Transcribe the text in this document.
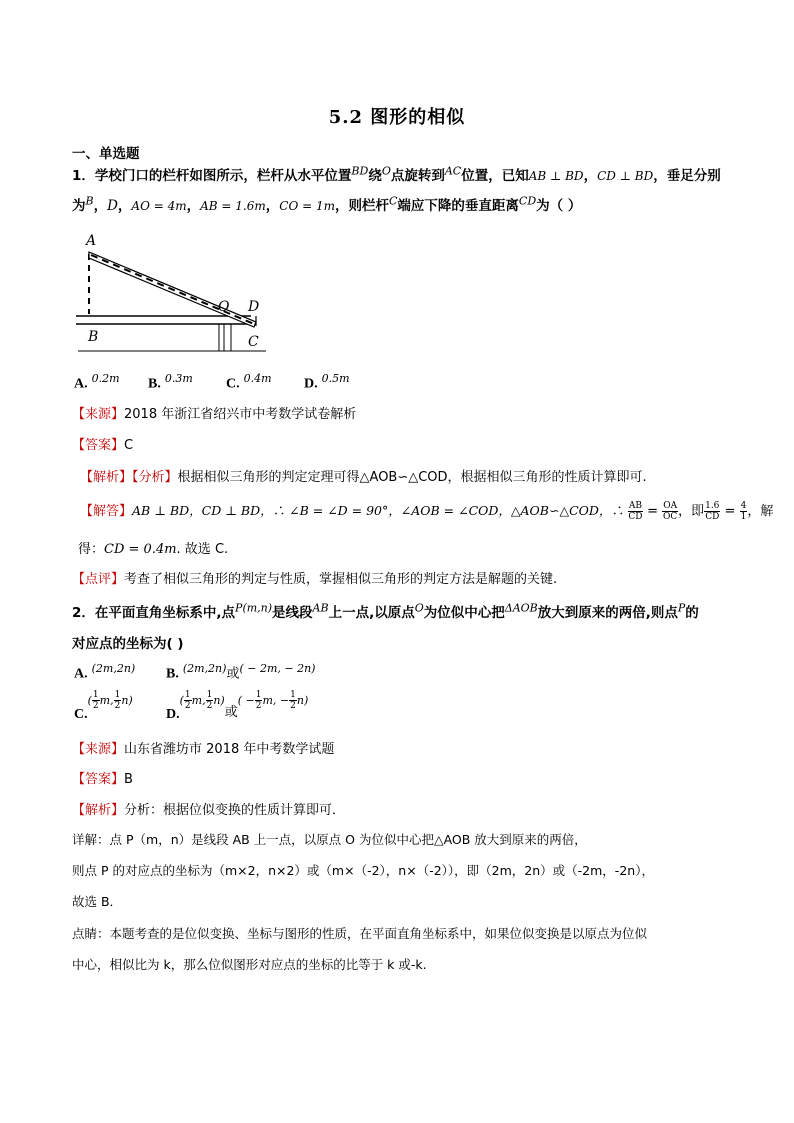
5.2 图形的相似
一、单选题
1．学校门口的栏杆如图所示，栏杆从水平位置$^{BD}$绕$^O$点旋转到$^{AC}$位置，已知AB ⊥ BD，CD ⊥ BD，垂足分别
为$^B$，D，AO = 4m，AB = 1.6m，CO = 1m，则栏杆$^C$端应下降的垂直距离$^{CD}$为（ ）
A
B
O D
C
A. $^{0.2m}$ B. $^{0.3m}$ C. $^{0.4m}$ D. $^{0.5m}$
【来源】2018 年浙江省绍兴市中考数学试卷解析
【答案】C
【解析】【分析】根据相似三角形的判定定理可得△AOB∽△COD，根据相似三角形的性质计算即可.
【解答】AB ⊥ BD，CD ⊥ BD，∴ ∠B = ∠D = 90°，∠AOB = ∠COD，△AOB∽△COD，∴ $\frac{AB}{CD} = \frac{OA}{OC}$ ，即 $\frac{1.6}{CD} = \frac{4}{1}$ ，解
得：CD = 0.4m. 故选 C.
【点评】考查了相似三角形的判定与性质，掌握相似三角形的判定方法是解题的关键.
2．在平面直角坐标系中,点$^{P(m,n)}$是线段$^{AB}$上一点,以原点$^O$为位似中心把$^{\Delta AOB}$放大到原来的两倍,则点$^P$的
对应点的坐标为( )
A. $^{(2m,2n)}$ B. $^{(2m,2n)}$或$^{( - 2m, - 2n)}$
$C.( \frac{1}{2} m$, $\frac{1}{2} n$)
$D.( \frac{1}{2} m$, $\frac{1}{2} n$)或( − $\frac{1}{2} m$, − $\frac{1}{2} n$)
【来源】山东省潍坊市 2018 年中考数学试题
【答案】B
【解析】分析：根据位似变换的性质计算即可．
详解：点 P（m，n）是线段 AB 上一点，以原点 O 为位似中心把△AOB 放大到原来的两倍，
则点 P 的对应点的坐标为（m×2，n×2）或（m×（-2），n×（-2）），即（2m，2n）或（-2m，-2n），
故选 B．
点睛：本题考查的是位似变换、坐标与图形的性质，在平面直角坐标系中，如果位似变换是以原点为位似
中心，相似比为 k，那么位似图形对应点的坐标的比等于 k 或-k.
